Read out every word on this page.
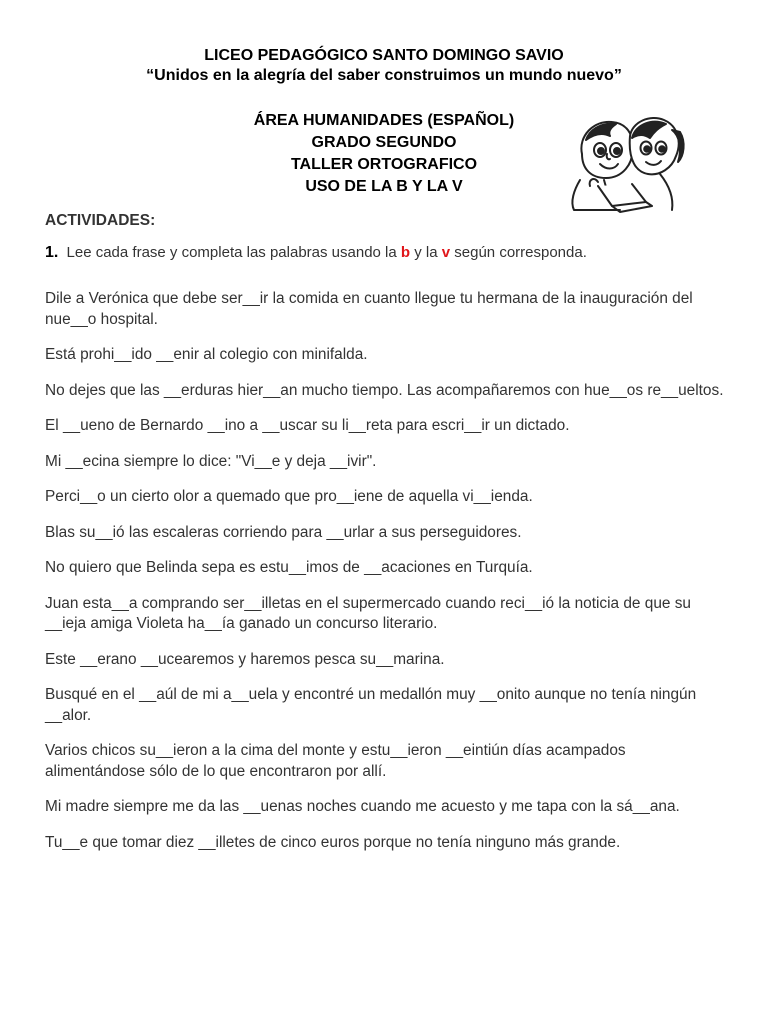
LICEO PEDAGÓGICO SANTO DOMINGO SAVIO
“Unidos en la alegría del saber construimos un mundo nuevo”
ÁREA HUMANIDADES (ESPAÑOL)
GRADO SEGUNDO
TALLER ORTOGRAFICO
USO DE LA B Y LA V
ACTIVIDADES:
1. Lee cada frase y completa las palabras usando la b y la v según corresponda.

Dile a Verónica que debe ser__ir la comida en cuanto llegue tu hermana de la inauguración del nue__o hospital.

Está prohi__ido __enir al colegio con minifalda.

No dejes que las __erduras hier__an mucho tiempo. Las acompañaremos con hue__os re__ueltos.

El __ueno de Bernardo __ino a __uscar su li__reta para escri__ir un dictado.

Mi __ecina siempre lo dice: "Vi__e y deja __ivir".

Perci__o un cierto olor a quemado que pro__iene de aquella vi__ienda.

Blas su__ió las escaleras corriendo para __urlar a sus perseguidores.

No quiero que Belinda sepa es estu__imos de __acaciones en Turquía.

Juan esta__a comprando ser__illetas en el supermercado cuando reci__ió la noticia de que su __ieja amiga Violeta ha__ía ganado un concurso literario.

Este __erano __ucearemos y haremos pesca su__marina.

Busqué en el __aúl de mi a__uela y encontré un medallón muy __onito aunque no tenía ningún __alor.

Varios chicos su__ieron a la cima del monte y estu__ieron __eintiún días acampados alimentándose sólo de lo que encontraron por allí.

Mi madre siempre me da las __uenas noches cuando me acuesto y me tapa con la sá__ana.

Tu__e que tomar diez __illetes de cinco euros porque no tenía ninguno más grande.
